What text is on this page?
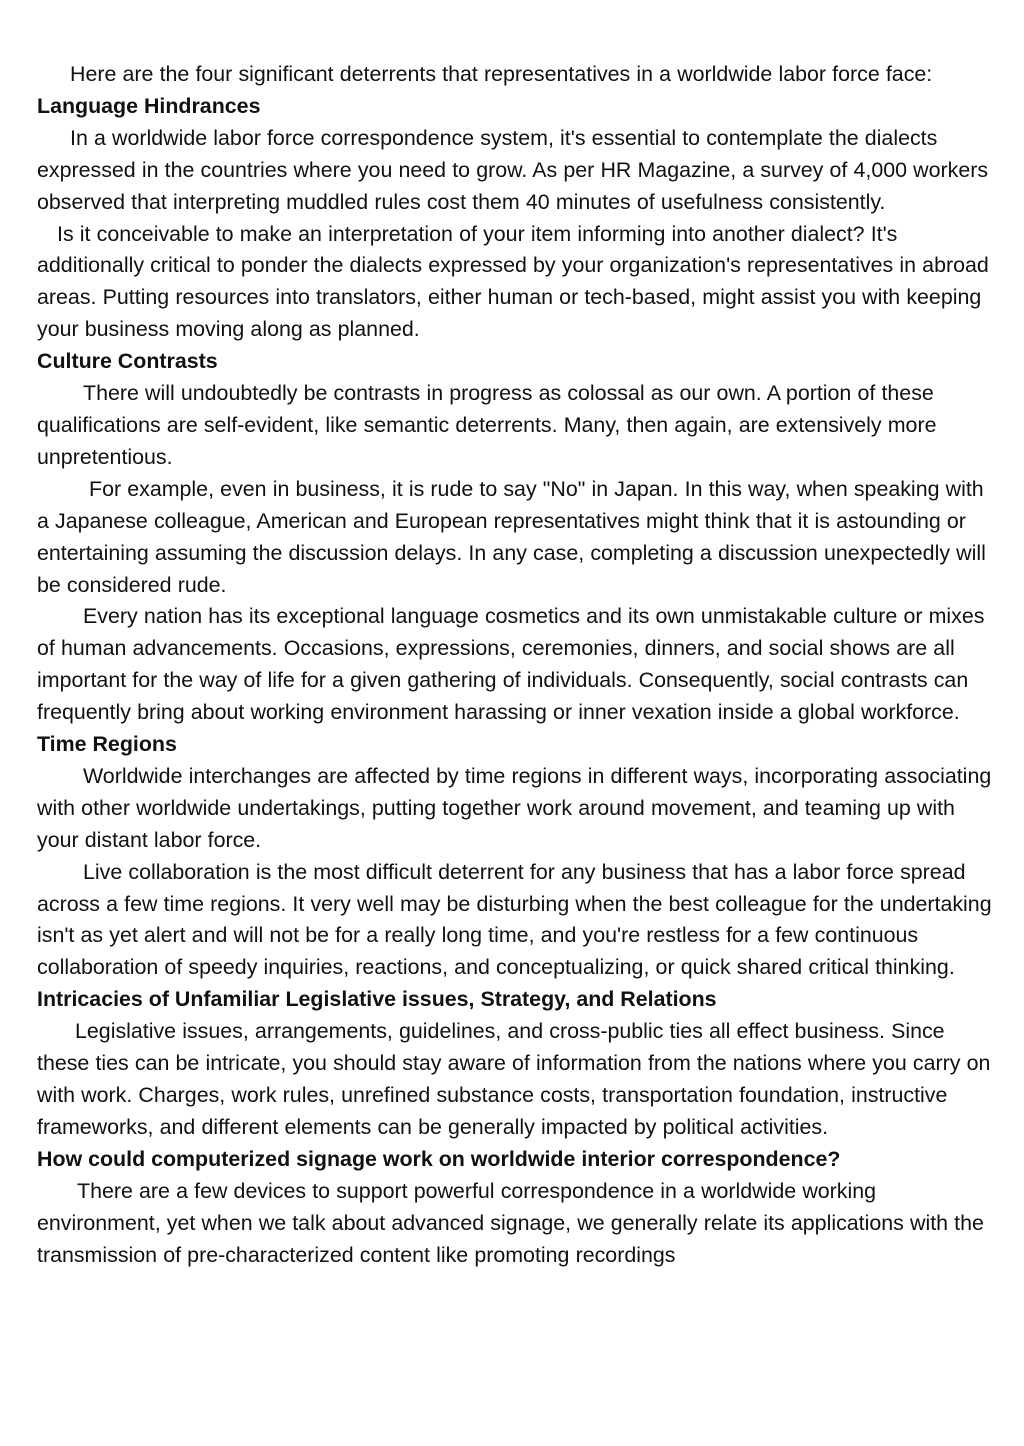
Here are the four significant deterrents that representatives in a worldwide labor force face:

Language Hindrances

In a worldwide labor force correspondence system, it's essential to contemplate the dialects expressed in the countries where you need to grow. As per HR Magazine, a survey of 4,000 workers observed that interpreting muddled rules cost them 40 minutes of usefulness consistently.

Is it conceivable to make an interpretation of your item informing into another dialect? It's additionally critical to ponder the dialects expressed by your organization's representatives in abroad areas. Putting resources into translators, either human or tech-based, might assist you with keeping your business moving along as planned.

Culture Contrasts

There will undoubtedly be contrasts in progress as colossal as our own. A portion of these qualifications are self-evident, like semantic deterrents. Many, then again, are extensively more unpretentious.

For example, even in business, it is rude to say "No" in Japan. In this way, when speaking with a Japanese colleague, American and European representatives might think that it is astounding or entertaining assuming the discussion delays. In any case, completing a discussion unexpectedly will be considered rude.

Every nation has its exceptional language cosmetics and its own unmistakable culture or mixes of human advancements. Occasions, expressions, ceremonies, dinners, and social shows are all important for the way of life for a given gathering of individuals. Consequently, social contrasts can frequently bring about working environment harassing or inner vexation inside a global workforce.

Time Regions

Worldwide interchanges are affected by time regions in different ways, incorporating associating with other worldwide undertakings, putting together work around movement, and teaming up with your distant labor force.

Live collaboration is the most difficult deterrent for any business that has a labor force spread across a few time regions. It very well may be disturbing when the best colleague for the undertaking isn't as yet alert and will not be for a really long time, and you're restless for a few continuous collaboration of speedy inquiries, reactions, and conceptualizing, or quick shared critical thinking.

Intricacies of Unfamiliar Legislative issues, Strategy, and Relations

Legislative issues, arrangements, guidelines, and cross-public ties all effect business. Since these ties can be intricate, you should stay aware of information from the nations where you carry on with work. Charges, work rules, unrefined substance costs, transportation foundation, instructive frameworks, and different elements can be generally impacted by political activities.

How could computerized signage work on worldwide interior correspondence?

There are a few devices to support powerful correspondence in a worldwide working environment, yet when we talk about advanced signage, we generally relate its applications with the transmission of pre-characterized content like promoting recordings
